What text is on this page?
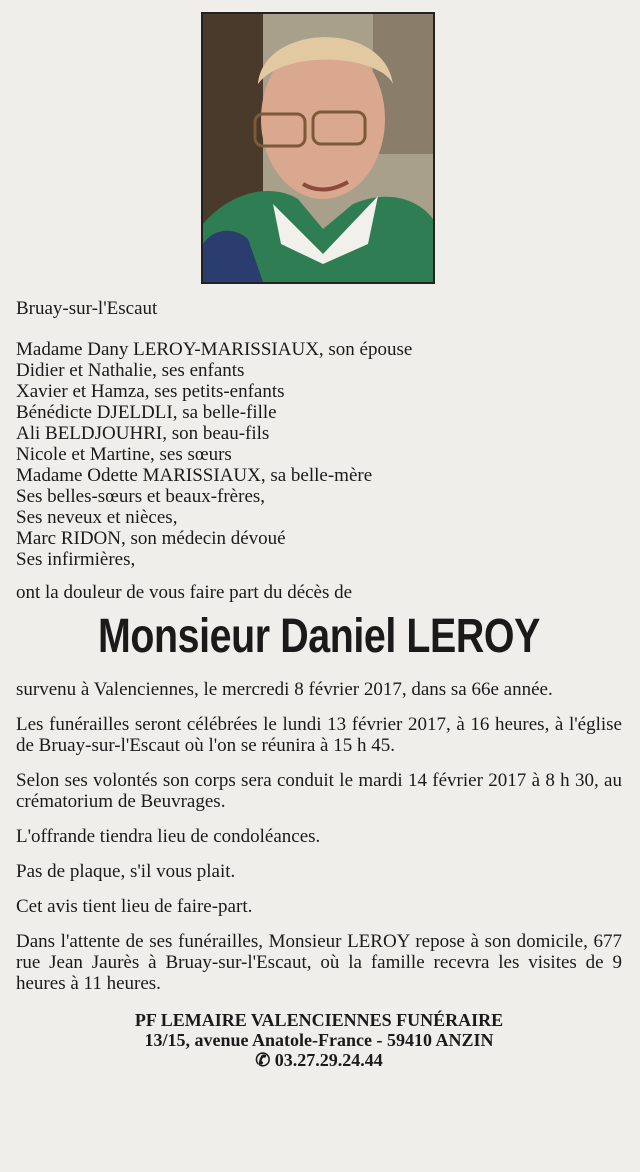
Bruay-sur-l'Escaut

Madame Dany LEROY-MARISSIAUX, son épouse

Didier et Nathalie, ses enfants

Xavier et Hamza, ses petits-enfants

Bénédicte DJELDLI, sa belle-fille

Ali BELDJOUHRI, son beau-fils

Nicole et Martine, ses sœurs

Madame Odette MARISSIAUX, sa belle-mère

Ses belles-sœurs et beaux-frères,

Ses neveux et nièces,

Marc RIDON, son médecin dévoué

Ses infirmières,

ont la douleur de vous faire part du décès de

Monsieur Daniel LEROY

survenu à Valenciennes, le mercredi 8 février 2017, dans sa 66e année.

Les funérailles seront célébrées le lundi 13 février 2017, à 16 heures, à l'église de Bruay-sur-l'Escaut où l'on se réunira à 15 h 45.

Selon ses volontés son corps sera conduit le mardi 14 février 2017 à 8 h 30, au crématorium de Beuvrages.

L'offrande tiendra lieu de condoléances.

Pas de plaque, s'il vous plait.

Cet avis tient lieu de faire-part.

Dans l'attente de ses funérailles, Monsieur LEROY repose à son domicile, 677 rue Jean Jaurès à Bruay-sur-l'Escaut, où la famille recevra les visites de 9 heures à 11 heures.

PF LEMAIRE VALENCIENNES FUNÉRAIRE

13/15, avenue Anatole-France - 59410 ANZIN

✆ 03.27.29.24.44
